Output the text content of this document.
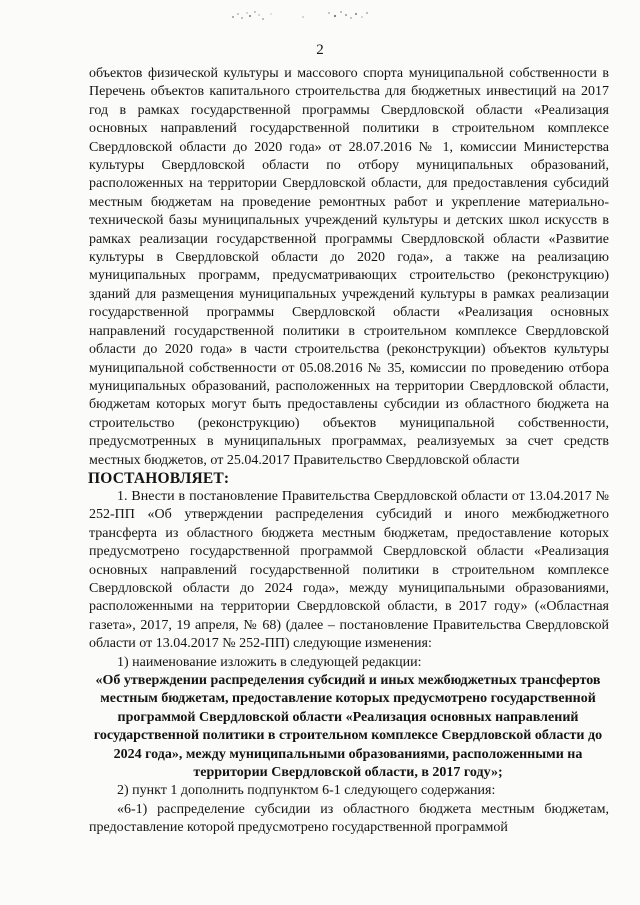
2

объектов физической культуры и массового спорта муниципальной собственности в Перечень объектов капитального строительства для бюджетных инвестиций на 2017 год в рамках государственной программы Свердловской области «Реализация основных направлений государственной политики в строительном комплексе Свердловской области до 2020 года» от 28.07.2016 № 1, комиссии Министерства культуры Свердловской области по отбору муниципальных образований, расположенных на территории Свердловской области, для предоставления субсидий местным бюджетам на проведение ремонтных работ и укрепление материально-технической базы муниципальных учреждений культуры и детских школ искусств в рамках реализации государственной программы Свердловской области «Развитие культуры в Свердловской области до 2020 года», а также на реализацию муниципальных программ, предусматривающих строительство (реконструкцию) зданий для размещения муниципальных учреждений культуры в рамках реализации государственной программы Свердловской области «Реализация основных направлений государственной политики в строительном комплексе Свердловской области до 2020 года» в части строительства (реконструкции) объектов культуры муниципальной собственности от 05.08.2016 № 35, комиссии по проведению отбора муниципальных образований, расположенных на территории Свердловской области, бюджетам которых могут быть предоставлены субсидии из областного бюджета на строительство (реконструкцию) объектов муниципальной собственности, предусмотренных в муниципальных программах, реализуемых за счет средств местных бюджетов, от 25.04.2017 Правительство Свердловской области

ПОСТАНОВЛЯЕТ:

1. Внести в постановление Правительства Свердловской области от 13.04.2017 № 252-ПП «Об утверждении распределения субсидий и иного межбюджетного трансферта из областного бюджета местным бюджетам, предоставление которых предусмотрено государственной программой Свердловской области «Реализация основных направлений государственной политики в строительном комплексе Свердловской области до 2024 года», между муниципальными образованиями, расположенными на территории Свердловской области, в 2017 году» («Областная газета», 2017, 19 апреля, № 68) (далее – постановление Правительства Свердловской области от 13.04.2017 № 252-ПП) следующие изменения:

1) наименование изложить в следующей редакции:

«Об утверждении распределения субсидий и иных межбюджетных трансфертов местным бюджетам, предоставление которых предусмотрено государственной программой Свердловской области «Реализация основных направлений государственной политики в строительном комплексе Свердловской области до 2024 года», между муниципальными образованиями, расположенными на территории Свердловской области, в 2017 году»;

2) пункт 1 дополнить подпунктом 6-1 следующего содержания:

«6-1) распределение субсидии из областного бюджета местным бюджетам, предоставление которой предусмотрено государственной программой
